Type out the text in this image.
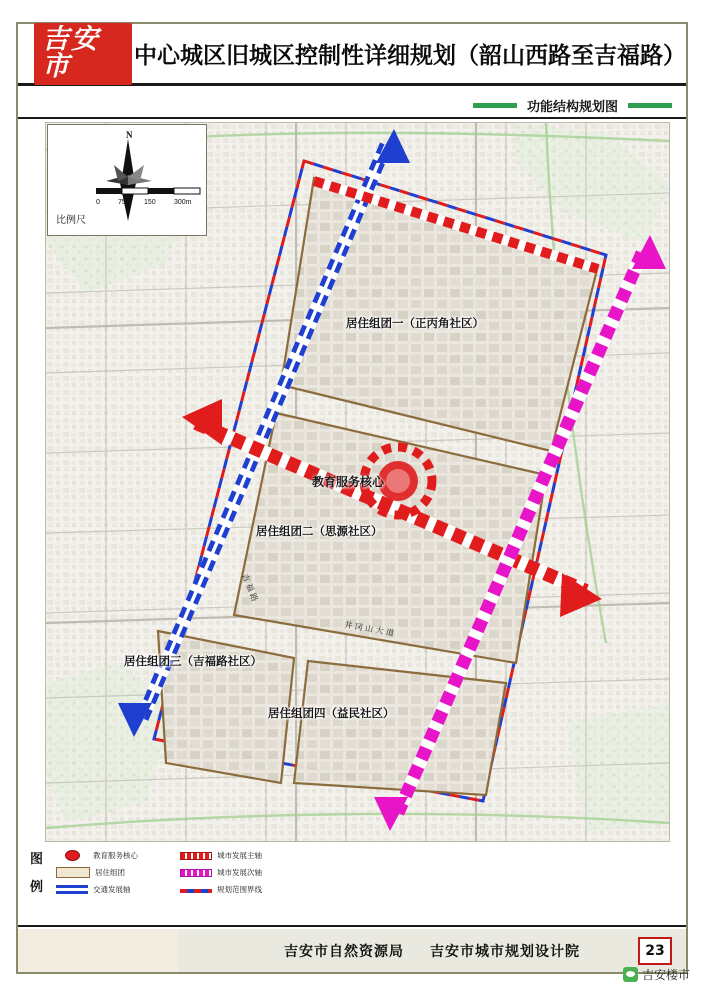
吉安市	中心城区旧城区控制性详细规划（韶山西路至吉福路）
功能结构规划图
吉 福 路
井 冈 山 大 道
居住组团一（正丙角社区）
居住组团二（思源社区）
居住组团三（吉福路社区）
居住组团四（益民社区）
教育服务核心
N
0	75	150	300m
比例尺
图
例
教育服务核心
居住组团
交通发展轴
城市发展主轴
城市发展次轴
规划范围界线
吉安市自然资源局 吉安市城市规划设计院	23
吉安楼市
